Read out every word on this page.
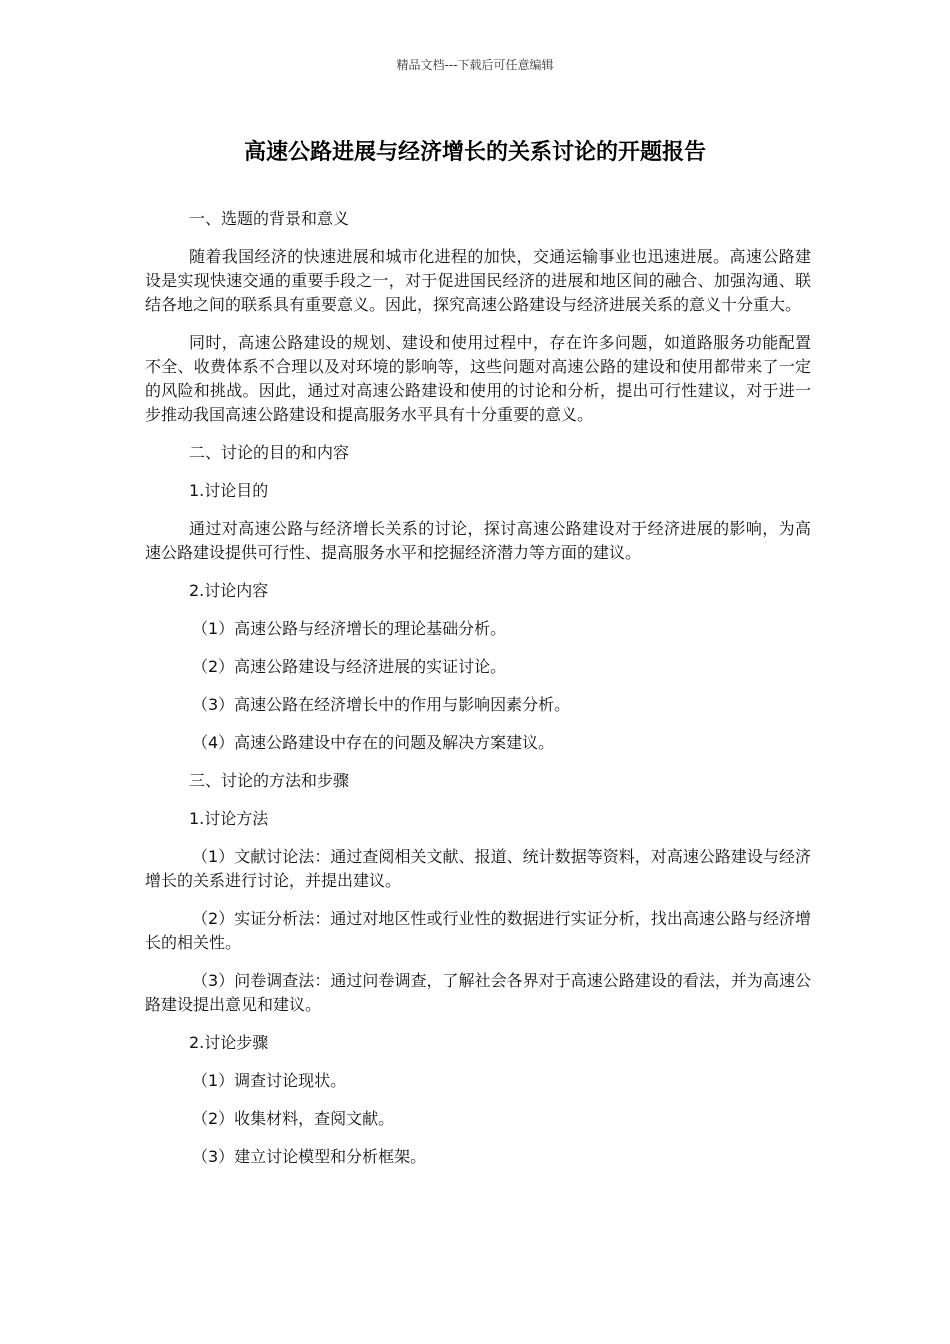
精品文档---下载后可任意编辑
高速公路进展与经济增长的关系讨论的开题报告

一、选题的背景和意义

随着我国经济的快速进展和城市化进程的加快，交通运输事业也迅速进展。高速公路建设是实现快速交通的重要手段之一，对于促进国民经济的进展和地区间的融合、加强沟通、联结各地之间的联系具有重要意义。因此，探究高速公路建设与经济进展关系的意义十分重大。

同时，高速公路建设的规划、建设和使用过程中，存在许多问题，如道路服务功能配置不全、收费体系不合理以及对环境的影响等，这些问题对高速公路的建设和使用都带来了一定的风险和挑战。因此，通过对高速公路建设和使用的讨论和分析，提出可行性建议，对于进一步推动我国高速公路建设和提高服务水平具有十分重要的意义。

二、讨论的目的和内容

1.讨论目的

通过对高速公路与经济增长关系的讨论，探讨高速公路建设对于经济进展的影响，为高速公路建设提供可行性、提高服务水平和挖掘经济潜力等方面的建议。

2.讨论内容

（1）高速公路与经济增长的理论基础分析。

（2）高速公路建设与经济进展的实证讨论。

（3）高速公路在经济增长中的作用与影响因素分析。

（4）高速公路建设中存在的问题及解决方案建议。

三、讨论的方法和步骤

1.讨论方法

（1）文献讨论法：通过查阅相关文献、报道、统计数据等资料，对高速公路建设与经济增长的关系进行讨论，并提出建议。

（2）实证分析法：通过对地区性或行业性的数据进行实证分析，找出高速公路与经济增长的相关性。

（3）问卷调查法：通过问卷调查，了解社会各界对于高速公路建设的看法，并为高速公路建设提出意见和建议。

2.讨论步骤

（1）调查讨论现状。

（2）收集材料，查阅文献。

（3）建立讨论模型和分析框架。
